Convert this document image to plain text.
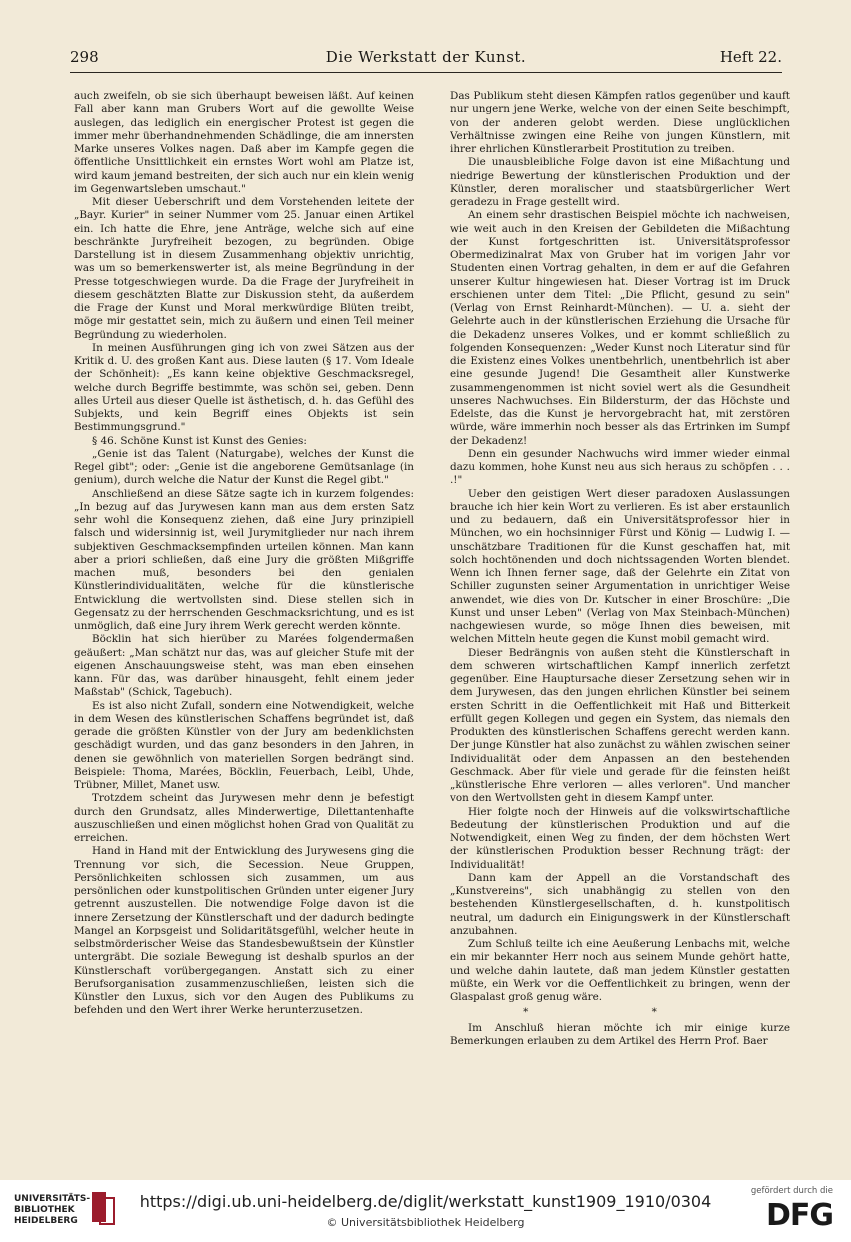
298	Die Werkstatt der Kunst.	Heft 22.

auch zweifeln, ob sie sich überhaupt beweisen läßt. Auf keinen Fall aber kann man Grubers Wort auf die gewollte Weise auslegen, das lediglich ein energischer Protest ist gegen die immer mehr überhandnehmenden Schädlinge, die am innersten Marke unseres Volkes nagen. Daß aber im Kampfe gegen die öffentliche Unsittlichkeit ein ernstes Wort wohl am Platze ist, wird kaum jemand bestreiten, der sich auch nur ein klein wenig im Gegenwartsleben umschaut."

Mit dieser Ueberschrift und dem Vorstehenden leitete der „Bayr. Kurier" in seiner Nummer vom 25. Januar einen Artikel ein. Ich hatte die Ehre, jene Anträge, welche sich auf eine beschränkte Juryfreiheit bezogen, zu begründen. Obige Darstellung ist in diesem Zusammenhang objektiv unrichtig, was um so bemerkenswerter ist, als meine Begründung in der Presse totgeschwiegen wurde. Da die Frage der Juryfreiheit in diesem geschätzten Blatte zur Diskussion steht, da außerdem die Frage der Kunst und Moral merkwürdige Blüten treibt, möge mir gestattet sein, mich zu äußern und einen Teil meiner Begründung zu wiederholen.

In meinen Ausführungen ging ich von zwei Sätzen aus der Kritik d. U. des großen Kant aus. Diese lauten (§ 17. Vom Ideale der Schönheit): „Es kann keine objektive Geschmacksregel, welche durch Begriffe bestimmte, was schön sei, geben. Denn alles Urteil aus dieser Quelle ist ästhetisch, d. h. das Gefühl des Subjekts, und kein Begriff eines Objekts ist sein Bestimmungsgrund."

§ 46. Schöne Kunst ist Kunst des Genies:

„Genie ist das Talent (Naturgabe), welches der Kunst die Regel gibt"; oder: „Genie ist die angeborene Gemütsanlage (in genium), durch welche die Natur der Kunst die Regel gibt."

Anschließend an diese Sätze sagte ich in kurzem folgendes: „In bezug auf das Jurywesen kann man aus dem ersten Satz sehr wohl die Konsequenz ziehen, daß eine Jury prinzipiell falsch und widersinnig ist, weil Jurymitglieder nur nach ihrem subjektiven Geschmacksempfinden urteilen können. Man kann aber a priori schließen, daß eine Jury die größten Mißgriffe machen muß, besonders bei den genialen Künstlerindividualitäten, welche für die künstlerische Entwicklung die wertvollsten sind. Diese stellen sich in Gegensatz zu der herrschenden Geschmacksrichtung, und es ist unmöglich, daß eine Jury ihrem Werk gerecht werden könnte.

Böcklin hat sich hierüber zu Marées folgendermaßen geäußert: „Man schätzt nur das, was auf gleicher Stufe mit der eigenen Anschauungsweise steht, was man eben einsehen kann. Für das, was darüber hinausgeht, fehlt einem jeder Maßstab" (Schick, Tagebuch).

Es ist also nicht Zufall, sondern eine Notwendigkeit, welche in dem Wesen des künstlerischen Schaffens begründet ist, daß gerade die größten Künstler von der Jury am bedenklichsten geschädigt wurden, und das ganz besonders in den Jahren, in denen sie gewöhnlich von materiellen Sorgen bedrängt sind. Beispiele: Thoma, Marées, Böcklin, Feuerbach, Leibl, Uhde, Trübner, Millet, Manet usw.

Trotzdem scheint das Jurywesen mehr denn je befestigt durch den Grundsatz, alles Minderwertige, Dilettantenhafte auszuschließen und einen möglichst hohen Grad von Qualität zu erreichen.

Hand in Hand mit der Entwicklung des Jurywesens ging die Trennung vor sich, die Secession. Neue Gruppen, Persönlichkeiten schlossen sich zusammen, um aus persönlichen oder kunstpolitischen Gründen unter eigener Jury getrennt auszustellen. Die notwendige Folge davon ist die innere Zersetzung der Künstlerschaft und der dadurch bedingte Mangel an Korpsgeist und Solidaritätsgefühl, welcher heute in selbstmörderischer Weise das Standesbewußtsein der Künstler untergräbt. Die soziale Bewegung ist deshalb spurlos an der Künstlerschaft vorübergegangen. Anstatt sich zu einer Berufsorganisation zusammenzuschließen, leisten sich die Künstler den Luxus, sich vor den Augen des Publikums zu befehden und den Wert ihrer Werke herunterzusetzen.

Das Publikum steht diesen Kämpfen ratlos gegenüber und kauft nur ungern jene Werke, welche von der einen Seite beschimpft, von der anderen gelobt werden. Diese unglücklichen Verhältnisse zwingen eine Reihe von jungen Künstlern, mit ihrer ehrlichen Künstlerarbeit Prostitution zu treiben.

Die unausbleibliche Folge davon ist eine Mißachtung und niedrige Bewertung der künstlerischen Produktion und der Künstler, deren moralischer und staatsbürgerlicher Wert geradezu in Frage gestellt wird.

An einem sehr drastischen Beispiel möchte ich nachweisen, wie weit auch in den Kreisen der Gebildeten die Mißachtung der Kunst fortgeschritten ist. Universitätsprofessor Obermedizinalrat Max von Gruber hat im vorigen Jahr vor Studenten einen Vortrag gehalten, in dem er auf die Gefahren unserer Kultur hingewiesen hat. Dieser Vortrag ist im Druck erschienen unter dem Titel: „Die Pflicht, gesund zu sein" (Verlag von Ernst Reinhardt-München). — U. a. sieht der Gelehrte auch in der künstlerischen Erziehung die Ursache für die Dekadenz unseres Volkes, und er kommt schließlich zu folgenden Konsequenzen: „Weder Kunst noch Literatur sind für die Existenz eines Volkes unentbehrlich, unentbehrlich ist aber eine gesunde Jugend! Die Gesamtheit aller Kunstwerke zusammengenommen ist nicht soviel wert als die Gesundheit unseres Nachwuchses. Ein Bildersturm, der das Höchste und Edelste, das die Kunst je hervorgebracht hat, mit zerstören würde, wäre immerhin noch besser als das Ertrinken im Sumpf der Dekadenz!

Denn ein gesunder Nachwuchs wird immer wieder einmal dazu kommen, hohe Kunst neu aus sich heraus zu schöpfen . . . .!"

Ueber den geistigen Wert dieser paradoxen Auslassungen brauche ich hier kein Wort zu verlieren. Es ist aber erstaunlich und zu bedauern, daß ein Universitätsprofessor hier in München, wo ein hochsinniger Fürst und König — Ludwig I. — unschätzbare Traditionen für die Kunst geschaffen hat, mit solch hochtönenden und doch nichtssagenden Worten blendet. Wenn ich Ihnen ferner sage, daß der Gelehrte ein Zitat von Schiller zugunsten seiner Argumentation in unrichtiger Weise anwendet, wie dies von Dr. Kutscher in einer Broschüre: „Die Kunst und unser Leben" (Verlag von Max Steinbach-München) nachgewiesen wurde, so möge Ihnen dies beweisen, mit welchen Mitteln heute gegen die Kunst mobil gemacht wird.

Dieser Bedrängnis von außen steht die Künstlerschaft in dem schweren wirtschaftlichen Kampf innerlich zerfetzt gegenüber. Eine Hauptursache dieser Zersetzung sehen wir in dem Jurywesen, das den jungen ehrlichen Künstler bei seinem ersten Schritt in die Oeffentlichkeit mit Haß und Bitterkeit erfüllt gegen Kollegen und gegen ein System, das niemals den Produkten des künstlerischen Schaffens gerecht werden kann. Der junge Künstler hat also zunächst zu wählen zwischen seiner Individualität oder dem Anpassen an den bestehenden Geschmack. Aber für viele und gerade für die feinsten heißt „künstlerische Ehre verloren — alles verloren". Und mancher von den Wertvollsten geht in diesem Kampf unter.

Hier folgte noch der Hinweis auf die volkswirtschaftliche Bedeutung der künstlerischen Produktion und auf die Notwendigkeit, einen Weg zu finden, der dem höchsten Wert der künstlerischen Produktion besser Rechnung trägt: der Individualität!

Dann kam der Appell an die Vorstandschaft des „Kunstvereins", sich unabhängig zu stellen von den bestehenden Künstlergesellschaften, d. h. kunstpolitisch neutral, um dadurch ein Einigungswerk in der Künstlerschaft anzubahnen.

Zum Schluß teilte ich eine Aeußerung Lenbachs mit, welche ein mir bekannter Herr noch aus seinem Munde gehört hatte, und welche dahin lautete, daß man jedem Künstler gestatten müßte, ein Werk vor die Oeffentlichkeit zu bringen, wenn der Glaspalast groß genug wäre.

* *

Im Anschluß hieran möchte ich mir einige kurze Bemerkungen erlauben zu dem Artikel des Herrn Prof. Baer

UNIVERSITÄTS-
BIBLIOTHEK
HEIDELBERG
https://digi.ub.uni-heidelberg.de/diglit/werkstatt_kunst1909_1910/0304
© Universitätsbibliothek Heidelberg
gefördert durch die
DFG
